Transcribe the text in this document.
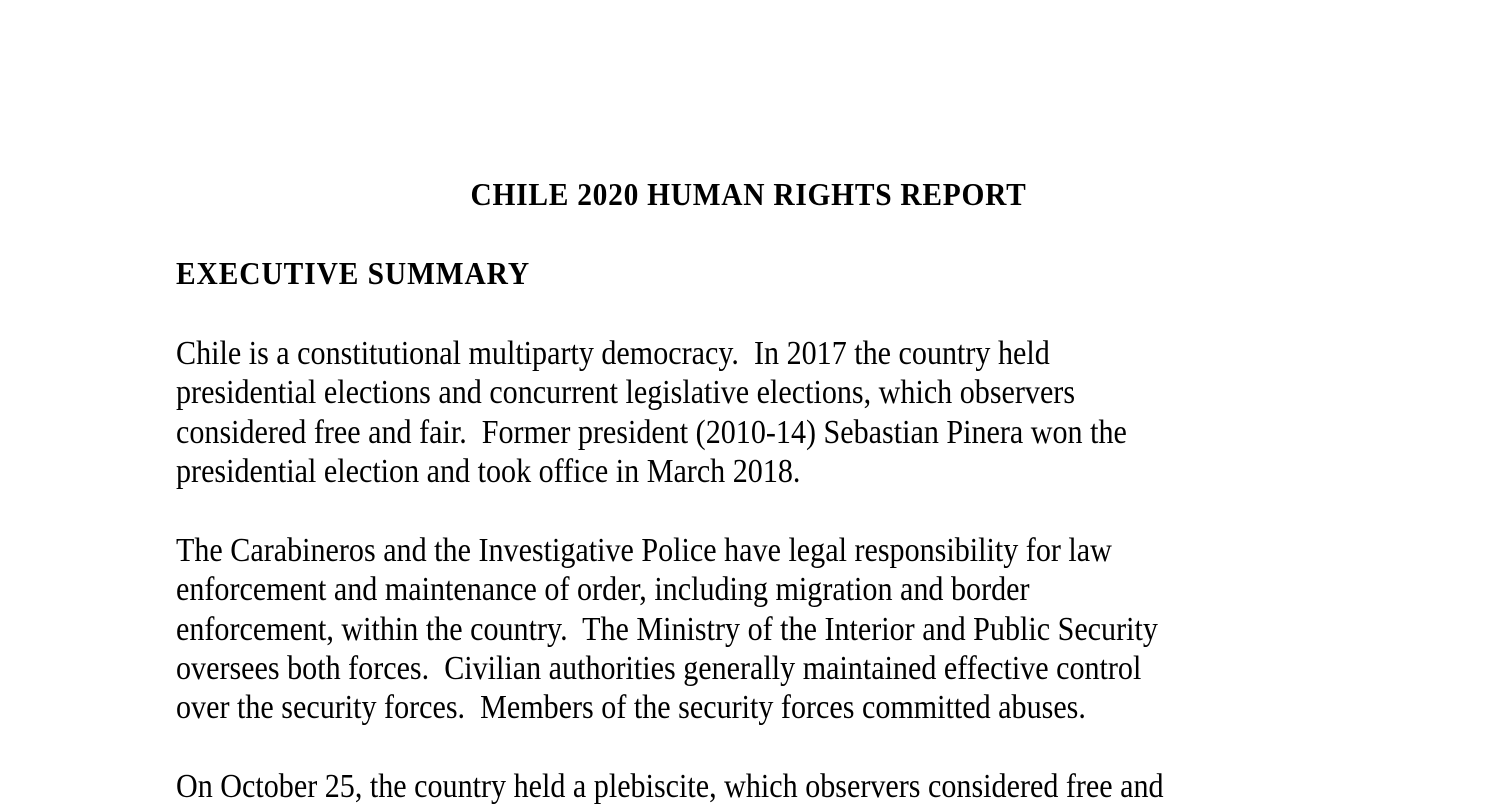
CHILE 2020 HUMAN RIGHTS REPORT
EXECUTIVE SUMMARY
Chile is a constitutional multiparty democracy.  In 2017 the country held
presidential elections and concurrent legislative elections, which observers
considered free and fair.  Former president (2010-14) Sebastian Pinera won the
presidential election and took office in March 2018.
The Carabineros and the Investigative Police have legal responsibility for law
enforcement and maintenance of order, including migration and border
enforcement, within the country.  The Ministry of the Interior and Public Security
oversees both forces.  Civilian authorities generally maintained effective control
over the security forces.  Members of the security forces committed abuses.
On October 25, the country held a plebiscite, which observers considered free and
